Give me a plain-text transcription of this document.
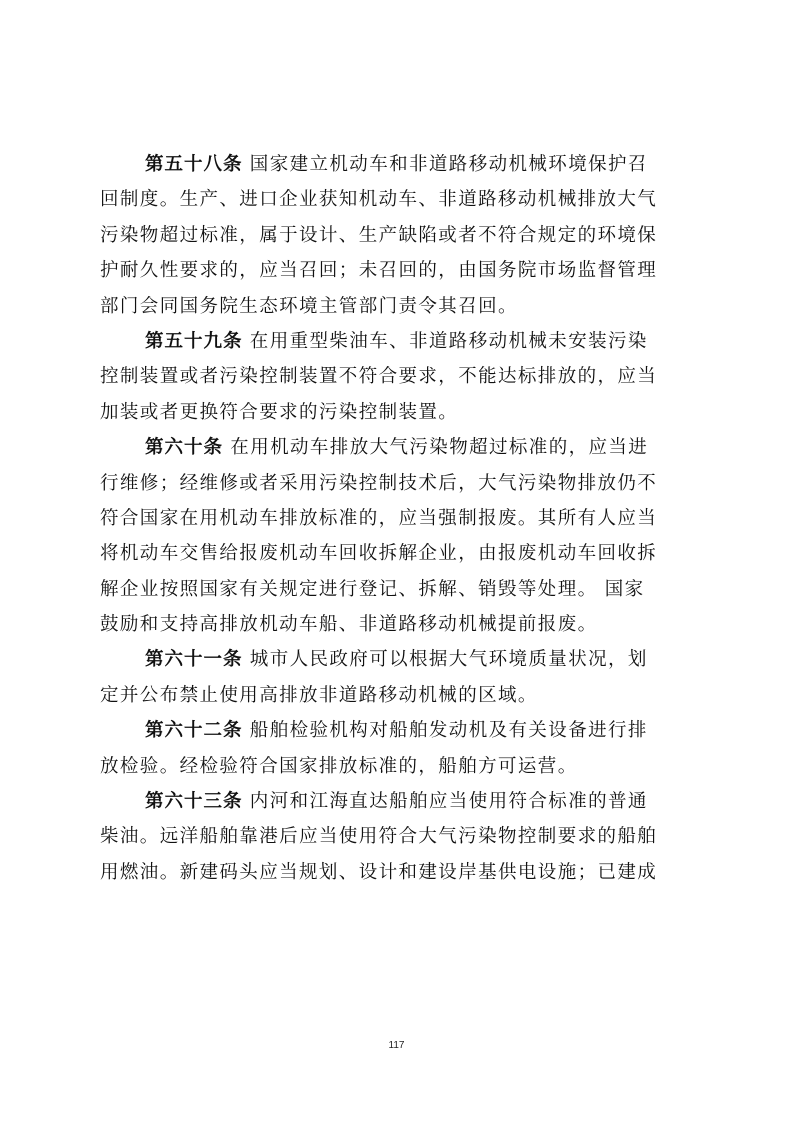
第五十八条 国家建立机动车和非道路移动机械环境保护召
回制度。生产、进口企业获知机动车、非道路移动机械排放大气
污染物超过标准，属于设计、生产缺陷或者不符合规定的环境保
护耐久性要求的，应当召回；未召回的，由国务院市场监督管理
部门会同国务院生态环境主管部门责令其召回。
第五十九条 在用重型柴油车、非道路移动机械未安装污染
控制装置或者污染控制装置不符合要求，不能达标排放的，应当
加装或者更换符合要求的污染控制装置。
第六十条 在用机动车排放大气污染物超过标准的，应当进
行维修；经维修或者采用污染控制技术后，大气污染物排放仍不
符合国家在用机动车排放标准的，应当强制报废。其所有人应当
将机动车交售给报废机动车回收拆解企业，由报废机动车回收拆
解企业按照国家有关规定进行登记、拆解、销毁等处理。 国家
鼓励和支持高排放机动车船、非道路移动机械提前报废。
第六十一条 城市人民政府可以根据大气环境质量状况，划
定并公布禁止使用高排放非道路移动机械的区域。
第六十二条 船舶检验机构对船舶发动机及有关设备进行排
放检验。经检验符合国家排放标准的，船舶方可运营。
第六十三条 内河和江海直达船舶应当使用符合标准的普通
柴油。远洋船舶靠港后应当使用符合大气污染物控制要求的船舶
用燃油。新建码头应当规划、设计和建设岸基供电设施；已建成
117
